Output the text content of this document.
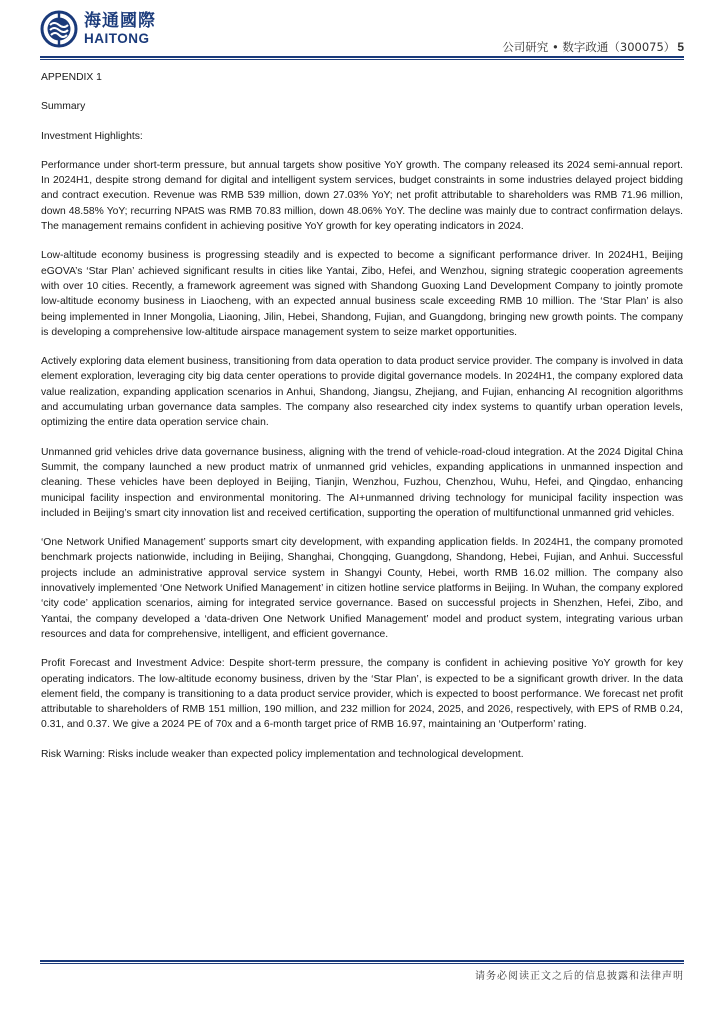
海通國際
HAITONG
公司研究 • 数字政通（300075） 5

APPENDIX 1

Summary

Investment Highlights:

Performance under short-term pressure, but annual targets show positive YoY growth. The company released its 2024 semi-annual report. In 2024H1, despite strong demand for digital and intelligent system services, budget constraints in some industries delayed project bidding and contract execution. Revenue was RMB 539 million, down 27.03% YoY; net profit attributable to shareholders was RMB 71.96 million, down 48.58% YoY; recurring NPAtS was RMB 70.83 million, down 48.06% YoY. The decline was mainly due to contract confirmation delays. The management remains confident in achieving positive YoY growth for key operating indicators in 2024.

Low-altitude economy business is progressing steadily and is expected to become a significant performance driver. In 2024H1, Beijing eGOVA’s ‘Star Plan’ achieved significant results in cities like Yantai, Zibo, Hefei, and Wenzhou, signing strategic cooperation agreements with over 10 cities. Recently, a framework agreement was signed with Shandong Guoxing Land Development Company to jointly promote low-altitude economy business in Liaocheng, with an expected annual business scale exceeding RMB 10 million. The ‘Star Plan’ is also being implemented in Inner Mongolia, Liaoning, Jilin, Hebei, Shandong, Fujian, and Guangdong, bringing new growth points. The company is developing a comprehensive low-altitude airspace management system to seize market opportunities.

Actively exploring data element business, transitioning from data operation to data product service provider. The company is involved in data element exploration, leveraging city big data center operations to provide digital governance models. In 2024H1, the company explored data value realization, expanding application scenarios in Anhui, Shandong, Jiangsu, Zhejiang, and Fujian, enhancing AI recognition algorithms and accumulating urban governance data samples. The company also researched city index systems to quantify urban operation levels, optimizing the entire data operation service chain.

Unmanned grid vehicles drive data governance business, aligning with the trend of vehicle-road-cloud integration. At the 2024 Digital China Summit, the company launched a new product matrix of unmanned grid vehicles, expanding applications in unmanned inspection and cleaning. These vehicles have been deployed in Beijing, Tianjin, Wenzhou, Fuzhou, Chenzhou, Wuhu, Hefei, and Qingdao, enhancing municipal facility inspection and environmental monitoring. The AI+unmanned driving technology for municipal facility inspection was included in Beijing’s smart city innovation list and received certification, supporting the operation of multifunctional unmanned grid vehicles.

‘One Network Unified Management’ supports smart city development, with expanding application fields. In 2024H1, the company promoted benchmark projects nationwide, including in Beijing, Shanghai, Chongqing, Guangdong, Shandong, Hebei, Fujian, and Anhui. Successful projects include an administrative approval service system in Shangyi County, Hebei, worth RMB 16.02 million. The company also innovatively implemented ‘One Network Unified Management’ in citizen hotline service platforms in Beijing. In Wuhan, the company explored ‘city code’ application scenarios, aiming for integrated service governance. Based on successful projects in Shenzhen, Hefei, Zibo, and Yantai, the company developed a ‘data-driven One Network Unified Management’ model and product system, integrating various urban resources and data for comprehensive, intelligent, and efficient governance.

Profit Forecast and Investment Advice: Despite short-term pressure, the company is confident in achieving positive YoY growth for key operating indicators. The low-altitude economy business, driven by the ‘Star Plan’, is expected to be a significant growth driver. In the data element field, the company is transitioning to a data product service provider, which is expected to boost performance. We forecast net profit attributable to shareholders of RMB 151 million, 190 million, and 232 million for 2024, 2025, and 2026, respectively, with EPS of RMB 0.24, 0.31, and 0.37. We give a 2024 PE of 70x and a 6-month target price of RMB 16.97, maintaining an ‘Outperform’ rating.

Risk Warning: Risks include weaker than expected policy implementation and technological development.

请务必阅读正文之后的信息披露和法律声明
